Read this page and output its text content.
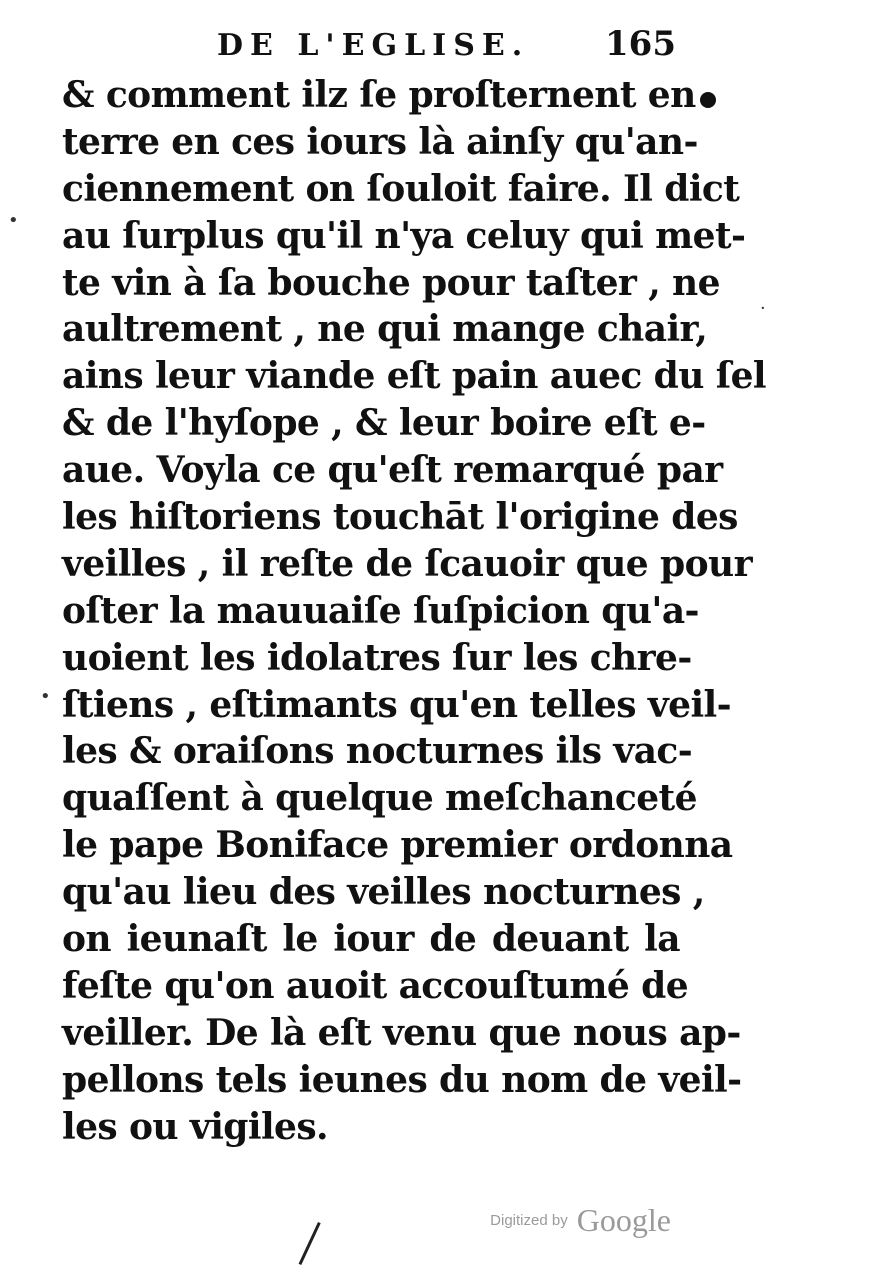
DE L'EGLISE. 165
& comment ilz ſe proſternent en
terre en ces iours là ainſy qu'an-
ciennement on ſouloit faire. Il dict
au ſurplus qu'il n'ya celuy qui met-
te vin à ſa bouche pour taſter , ne
aultrement , ne qui mange chair,
ains leur viande eſt pain auec du ſel
& de l'hyſope , & leur boire eſt e-
aue. Voyla ce qu'eſt remarqué par
les hiſtoriens touchāt l'origine des
veilles , il reſte de ſcauoir que pour
oſter la mauuaiſe ſuſpicion qu'a-
uoient les idolatres ſur les chre-
ſtiens , eſtimants qu'en telles veil-
les & oraiſons nocturnes ils vac-
quaſſent à quelque meſchanceté
le pape Boniface premier ordonna
qu'au lieu des veilles nocturnes ,
on ieunaſt le iour de deuant la
feſte qu'on auoit accouſtumé de
veiller. De là eſt venu que nous ap-
pellons tels ieunes du nom de veil-
les ou vigiles.
•
•
·
Digitized by Google
